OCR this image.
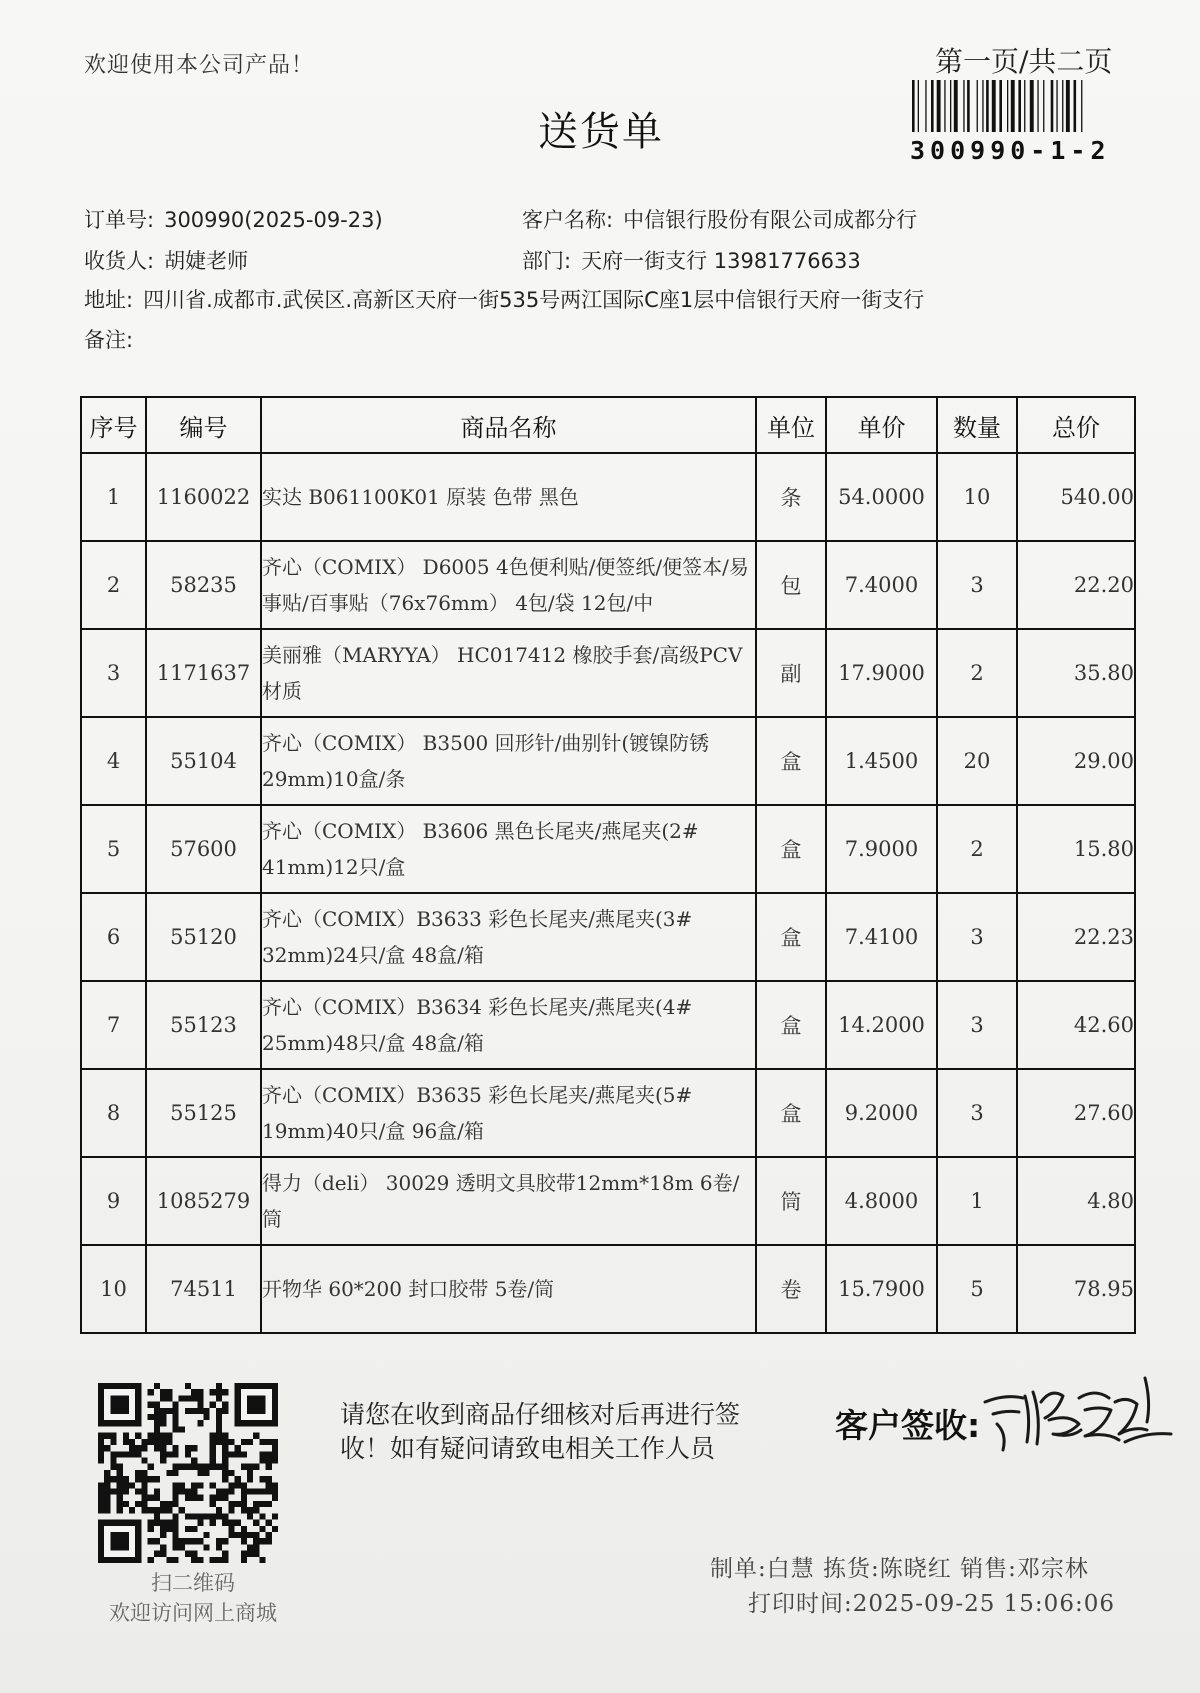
欢迎使用本公司产品！	第一页/共二页
300990-1-2
送货单
订单号: 300990(2025-09-23)	客户名称: 中信银行股份有限公司成都分行
收货人: 胡婕老师	部门: 天府一街支行 13981776633
地址: 四川省.成都市.武侯区.高新区天府一街535号两江国际C座1层中信银行天府一街支行
备注:
序号	编号	商品名称	单位	单价	数量	总价
1	1160022	实达 B061100K01 原装 色带 黑色	条	54.0000	10	540.00
2	58235	齐心（COMIX） D6005 4色便利贴/便签纸/便签本/易事贴/百事贴（76x76mm） 4包/袋 12包/中	包	7.4000	3	22.20
3	1171637	美丽雅（MARYYA） HC017412 橡胶手套/高级PCV材质	副	17.9000	2	35.80
4	55104	齐心（COMIX） B3500 回形针/曲别针(镀镍防锈29mm)10盒/条	盒	1.4500	20	29.00
5	57600	齐心（COMIX） B3606 黑色长尾夹/燕尾夹(2# 41mm)12只/盒	盒	7.9000	2	15.80
6	55120	齐心（COMIX）B3633 彩色长尾夹/燕尾夹(3# 32mm)24只/盒 48盒/箱	盒	7.4100	3	22.23
7	55123	齐心（COMIX）B3634 彩色长尾夹/燕尾夹(4# 25mm)48只/盒 48盒/箱	盒	14.2000	3	42.60
8	55125	齐心（COMIX）B3635 彩色长尾夹/燕尾夹(5# 19mm)40只/盒 96盒/箱	盒	9.2000	3	27.60
9	1085279	得力（deli） 30029 透明文具胶带12mm*18m 6卷/筒	筒	4.8000	1	4.80
10	74511	开物华 60*200 封口胶带 5卷/筒	卷	15.7900	5	78.95
扫二维码
欢迎访问网上商城
请您在收到商品仔细核对后再进行签收！如有疑问请致电相关工作人员
客户签收:
制单:白慧 拣货:陈晓红 销售:邓宗林
打印时间:2025-09-25 15:06:06
